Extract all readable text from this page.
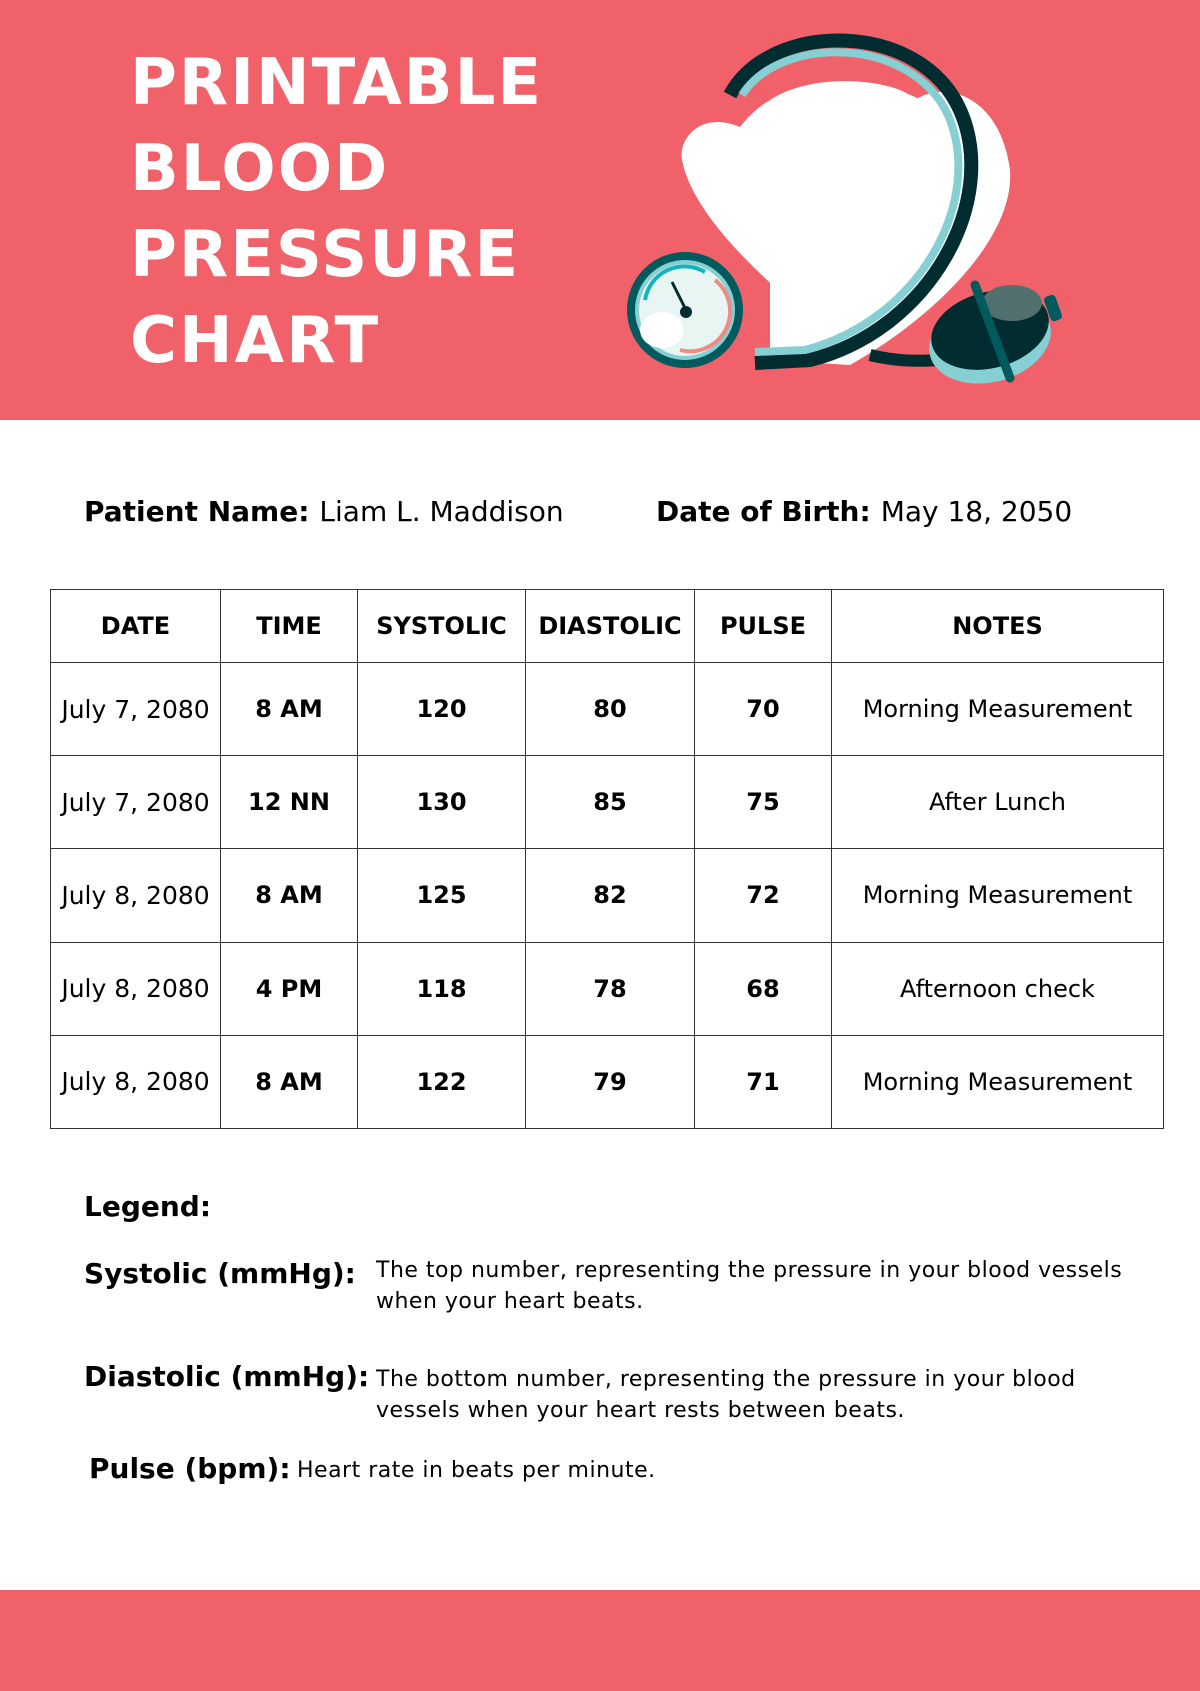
PRINTABLE
BLOOD
PRESSURE
CHART
Patient Name: Liam L. Maddison	Date of Birth: May 18, 2050
DATE	TIME	SYSTOLIC	DIASTOLIC	PULSE	NOTES
July 7, 2080	8 AM	120	80	70	Morning Measurement
July 7, 2080	12 NN	130	85	75	After Lunch
July 8, 2080	8 AM	125	82	72	Morning Measurement
July 8, 2080	4 PM	118	78	68	Afternoon check
July 8, 2080	8 AM	122	79	71	Morning Measurement
Legend:
Systolic (mmHg): The top number, representing the pressure in your blood vessels when your heart beats.
Diastolic (mmHg): The bottom number, representing the pressure in your blood vessels when your heart rests between beats.
Pulse (bpm): Heart rate in beats per minute.
